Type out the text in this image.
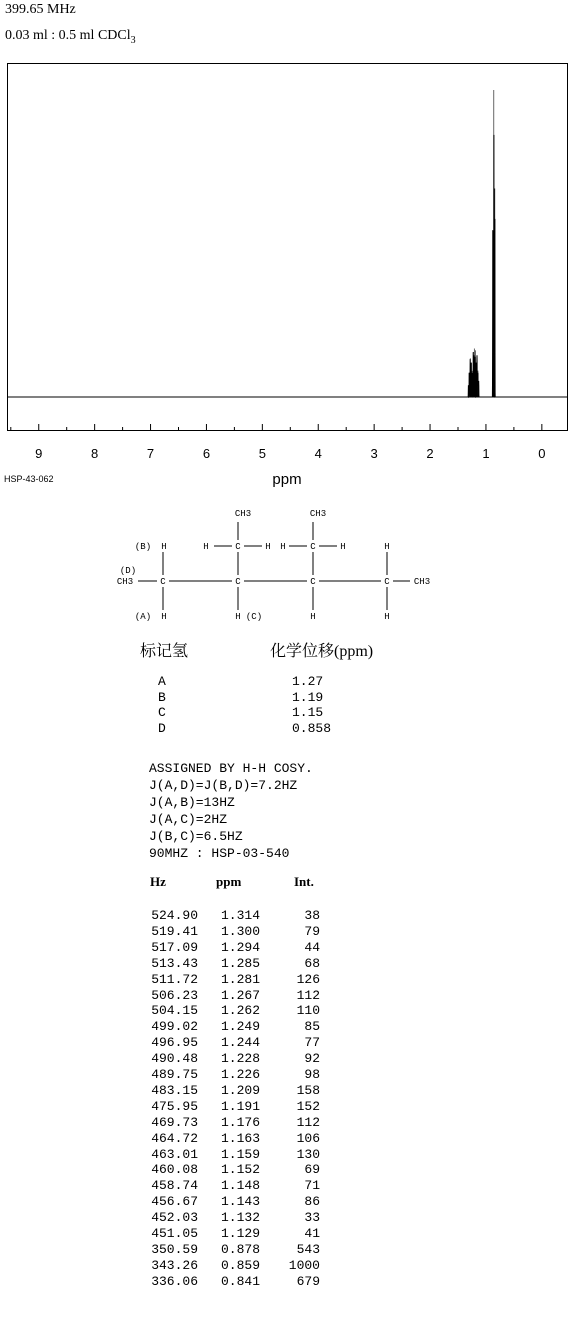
399.65 MHz
0.03 ml : 0.5 ml CDCl$_3$
9	8	7	6	5	4	3	2	1	0
ppm
HSP-43-062
CH3	CH3
(B) H	H	C	H H	C	H	H
(D)
CH3	C	C	C	C	CH3
(A) H	H (C)	H	H
标记氢	化学位移(ppm)
A	1.27
B	1.19
C	1.15
D	0.858
ASSIGNED BY H-H COSY.
J(A,D)=J(B,D)=7.2HZ
J(A,B)=13HZ
J(A,C)=2HZ
J(B,C)=6.5HZ
90MHZ : HSP-03-540
Hz	ppm	Int.
524.90 1.314	38
519.41 1.300	79
517.09 1.294	44
513.43 1.285	68
511.72 1.281	126
506.23 1.267	112
504.15 1.262	110
499.02 1.249	85
496.95 1.244	77
490.48 1.228	92
489.75 1.226	98
483.15 1.209	158
475.95 1.191	152
469.73 1.176	112
464.72 1.163	106
463.01 1.159	130
460.08 1.152	69
458.74 1.148	71
456.67 1.143	86
452.03 1.132	33
451.05 1.129	41
350.59 0.878	543
343.26 0.859 1000
336.06 0.841	679
